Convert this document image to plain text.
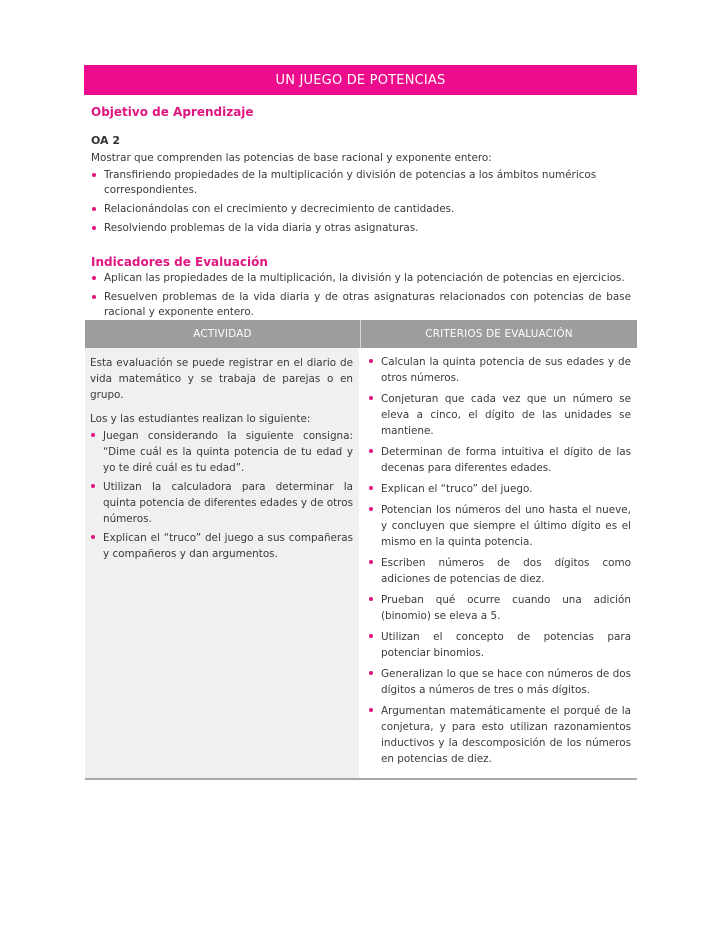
UN JUEGO DE POTENCIAS
Objetivo de Aprendizaje
OA 2
Mostrar que comprenden las potencias de base racional y exponente entero:
Transfiriendo propiedades de la multiplicación y división de potencias a los ámbitos numéricos correspondientes.
Relacionándolas con el crecimiento y decrecimiento de cantidades.
Resolviendo problemas de la vida diaria y otras asignaturas.
Indicadores de Evaluación
Aplican las propiedades de la multiplicación, la división y la potenciación de potencias en ejercicios.
Resuelven problemas de la vida diaria y de otras asignaturas relacionados con potencias de base racional y exponente entero.
ACTIVIDAD	CRITERIOS DE EVALUACIÓN

Esta evaluación se puede registrar en el diario de vida matemático y se trabaja de parejas o en grupo.

Los y las estudiantes realizan lo siguiente:

Juegan considerando la siguiente consigna: “Dime cuál es la quinta potencia de tu edad y yo te diré cuál es tu edad”.
Utilizan la calculadora para determinar la quinta potencia de diferentes edades y de otros números.
Explican el “truco” del juego a sus compañeras y compañeros y dan argumentos.
Calculan la quinta potencia de sus edades y de otros números.
Conjeturan que cada vez que un número se eleva a cinco, el dígito de las unidades se mantiene.
Determinan de forma intuitiva el dígito de las decenas para diferentes edades.
Explican el “truco” del juego.
Potencian los números del uno hasta el nueve, y concluyen que siempre el último dígito es el mismo en la quinta potencia.
Escriben números de dos dígitos como adiciones de potencias de diez.
Prueban qué ocurre cuando una adición (binomio) se eleva a 5.
Utilizan el concepto de potencias para potenciar binomios.
Generalizan lo que se hace con números de dos dígitos a números de tres o más dígitos.
Argumentan matemáticamente el porqué de la conjetura, y para esto utilizan razonamientos inductivos y la descomposición de los números en potencias de diez.
